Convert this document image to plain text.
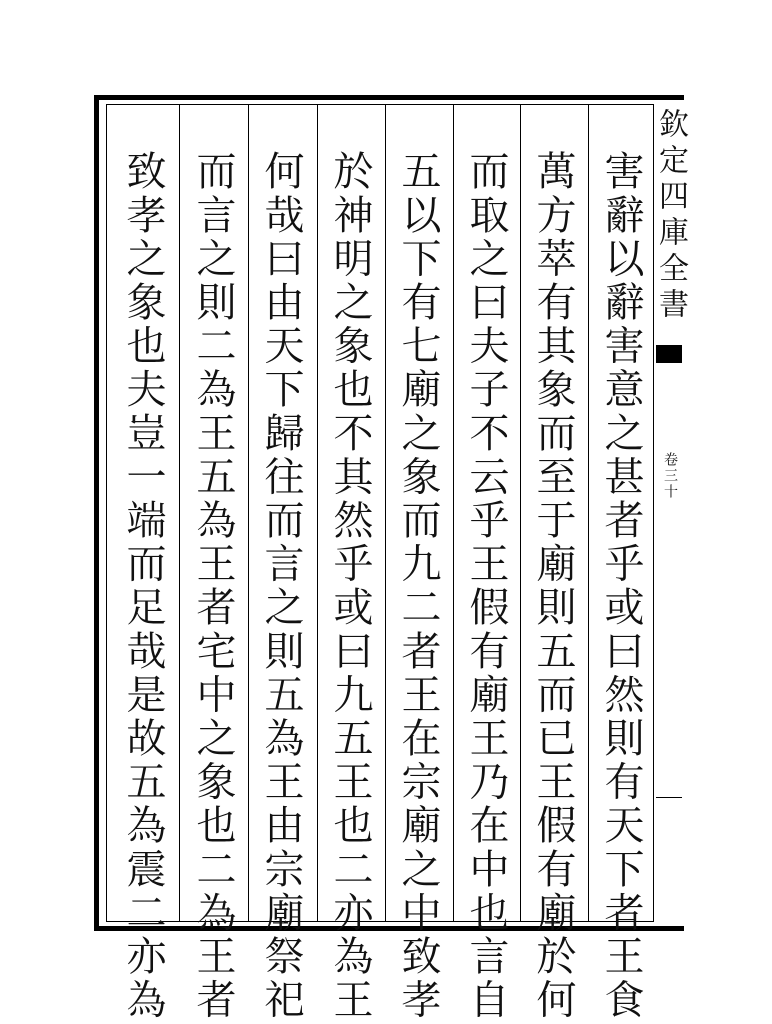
害辭以辭害意之甚者乎或曰然則有天下者王食
萬方萃有其象而至于廟則五而已王假有廟於何
而取之曰夫子不云乎王假有廟王乃在中也言自
五以下有七廟之象而九二者王在宗廟之中致孝
於神明之象也不其然乎或曰九五王也二亦為王
何哉曰由天下歸往而言之則五為王由宗廟祭祀
而言之則二為王五為王者宅中之象也二為王者
致孝之象也夫豈一端而足哉是故五為震二亦為	欽定四庫全書
卷三十
